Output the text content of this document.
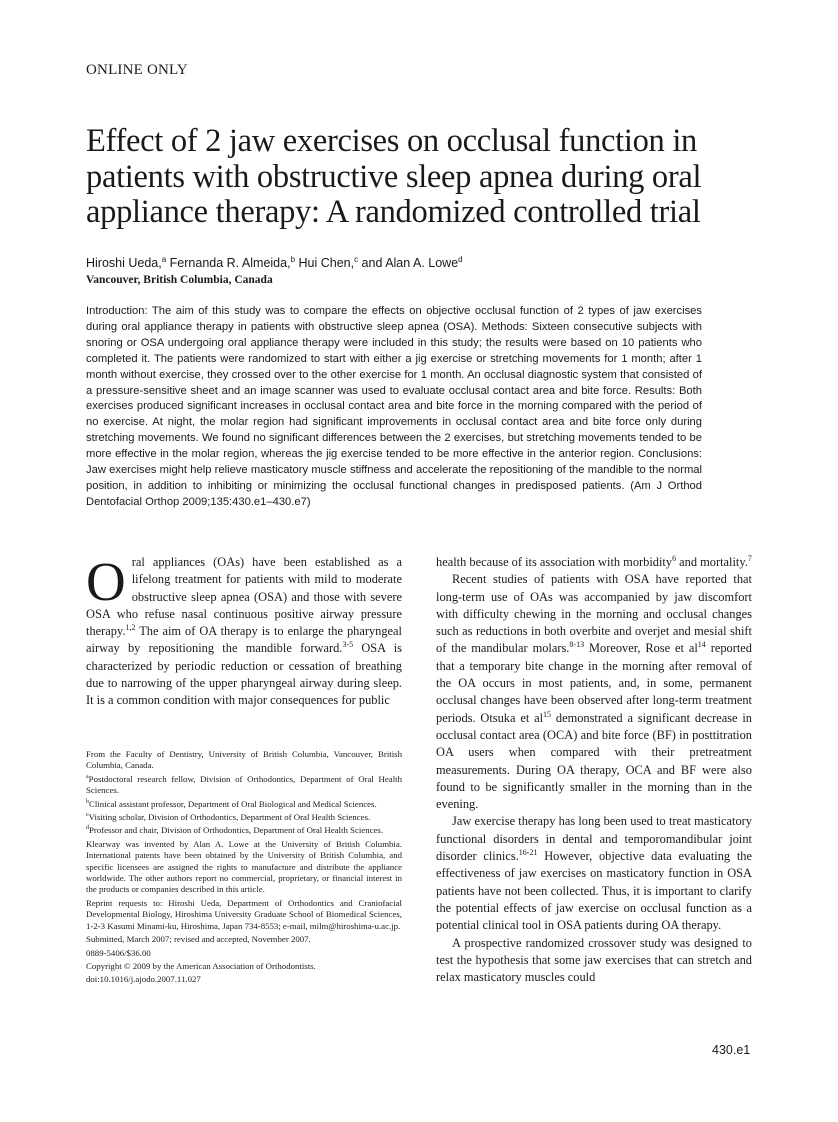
ONLINE ONLY
Effect of 2 jaw exercises on occlusal function in patients with obstructive sleep apnea during oral appliance therapy: A randomized controlled trial
Hiroshi Ueda,$^a$ Fernanda R. Almeida,$^b$ Hui Chen,$^c$ and Alan A. Lowe$^d$
Vancouver, British Columbia, Canada

Introduction: The aim of this study was to compare the effects on objective occlusal function of 2 types of jaw exercises during oral appliance therapy in patients with obstructive sleep apnea (OSA). Methods: Sixteen consecutive subjects with snoring or OSA undergoing oral appliance therapy were included in this study; the results were based on 10 patients who completed it. The patients were randomized to start with either a jig exercise or stretching movements for 1 month; after 1 month without exercise, they crossed over to the other exercise for 1 month. An occlusal diagnostic system that consisted of a pressure-sensitive sheet and an image scanner was used to evaluate occlusal contact area and bite force. Results: Both exercises produced significant increases in occlusal contact area and bite force in the morning compared with the period of no exercise. At night, the molar region had significant improvements in occlusal contact area and bite force only during stretching movements. We found no significant differences between the 2 exercises, but stretching movements tended to be more effective in the molar region, whereas the jig exercise tended to be more effective in the anterior region. Conclusions: Jaw exercises might help relieve masticatory muscle stiffness and accelerate the repositioning of the mandible to the normal position, in addition to inhibiting or minimizing the occlusal functional changes in predisposed patients. (Am J Orthod Dentofacial Orthop 2009;135:430.e1–430.e7)

O ral appliances (OAs) have been established as a lifelong treatment for patients with mild to moderate obstructive sleep apnea (OSA) and those with severe OSA who refuse nasal continuous positive airway pressure therapy.$^{1,2}$ The aim of OA therapy is to enlarge the pharyngeal airway by repositioning the mandible forward.$^{3-5}$ OSA is characterized by periodic reduction or cessation of breathing due to narrowing of the upper pharyngeal airway during sleep. It is a common condition with major consequences for public

From the Faculty of Dentistry, University of British Columbia, Vancouver, British Columbia, Canada.

$^a$Postdoctoral research fellow, Division of Orthodontics, Department of Oral Health Sciences.

$^b$Clinical assistant professor, Department of Oral Biological and Medical Sciences.

$^c$Visiting scholar, Division of Orthodontics, Department of Oral Health Sciences.

$^d$Professor and chair, Division of Orthodontics, Department of Oral Health Sciences.

Klearway was invented by Alan A. Lowe at the University of British Columbia. International patents have been obtained by the University of British Columbia, and specific licensees are assigned the rights to manufacture and distribute the appliance worldwide. The other authors report no commercial, proprietary, or financial interest in the products or companies described in this article.

Reprint requests to: Hiroshi Ueda, Department of Orthodontics and Craniofacial Developmental Biology, Hiroshima University Graduate School of Biomedical Sciences, 1-2-3 Kasumi Minami-ku, Hiroshima, Japan 734-8553; e-mail, milm@hiroshima-u.ac.jp.

Submitted, March 2007; revised and accepted, November 2007.

0889-5406/$36.00

Copyright © 2009 by the American Association of Orthodontists.

doi:10.1016/j.ajodo.2007.11.027

health because of its association with morbidity$^6$ and mortality.$^7$

Recent studies of patients with OSA have reported that long-term use of OAs was accompanied by jaw discomfort with difficulty chewing in the morning and occlusal changes such as reductions in both overbite and overjet and mesial shift of the mandibular molars.$^{8-13}$ Moreover, Rose et $al^{14}$ reported that a temporary bite change in the morning after removal of the OA occurs in most patients, and, in some, permanent occlusal changes have been observed after long-term treatment periods. Otsuka et $al^{15}$ demonstrated a significant decrease in occlusal contact area (OCA) and bite force (BF) in posttitration OA users when compared with their pretreatment measurements. During OA therapy, OCA and BF were also found to be significantly smaller in the morning than in the evening.

Jaw exercise therapy has long been used to treat masticatory functional disorders in dental and temporomandibular joint disorder clinics.$^{16-21}$ However, objective data evaluating the effectiveness of jaw exercises on masticatory function in OSA patients have not been collected. Thus, it is important to clarify the potential effects of jaw exercise on occlusal function as a potential clinical tool in OSA patients during OA therapy.

A prospective randomized crossover study was designed to test the hypothesis that some jaw exercises that can stretch and relax masticatory muscles could

430.e1
